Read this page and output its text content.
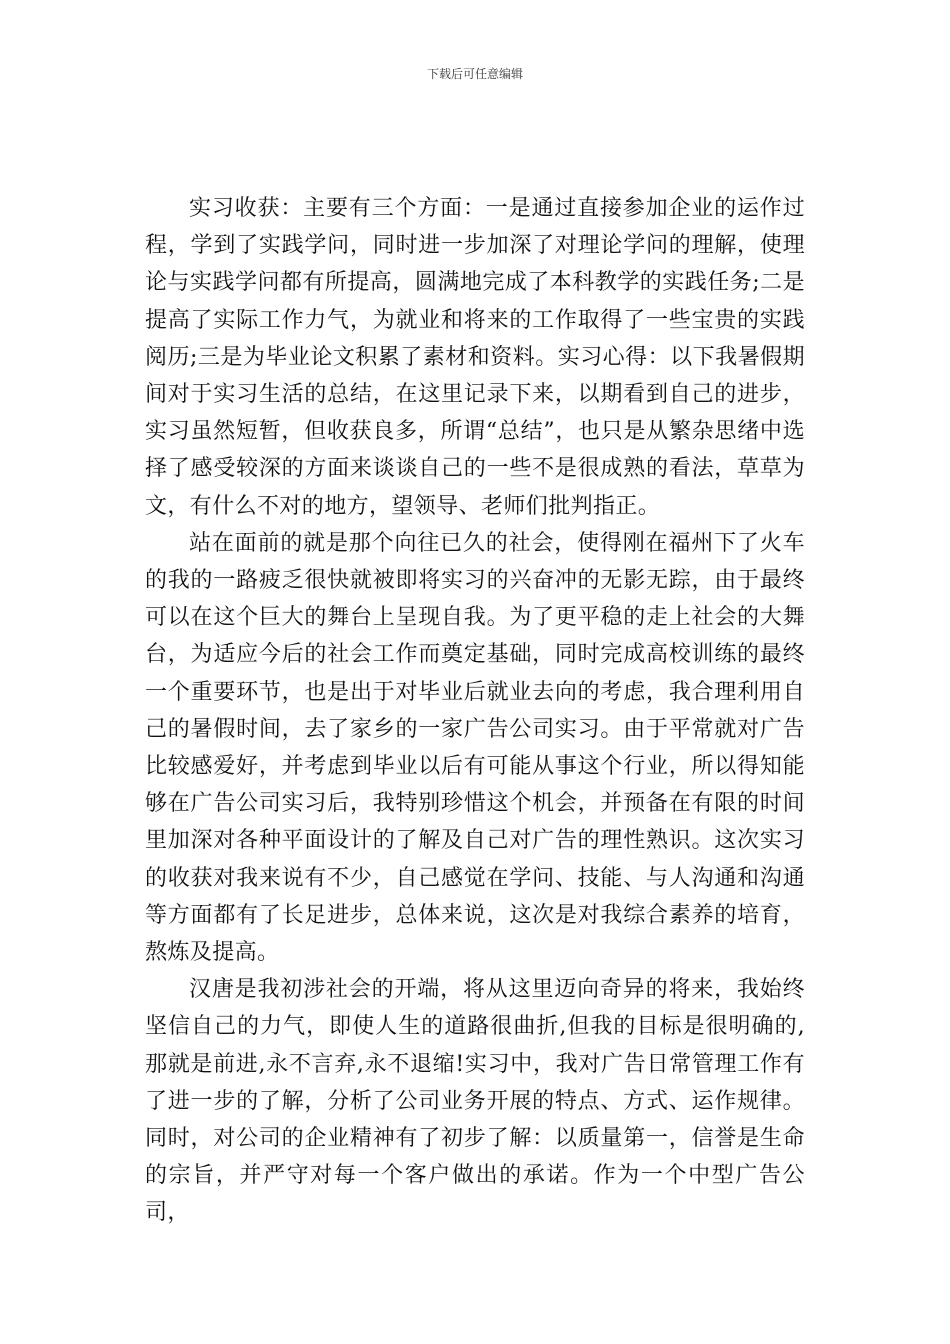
下载后可任意编辑

实习收获：主要有三个方面：一是通过直接参加企业的运作过程，学到了实践学问，同时进一步加深了对理论学问的理解，使理论与实践学问都有所提高，圆满地完成了本科教学的实践任务;二是提高了实际工作力气，为就业和将来的工作取得了一些宝贵的实践阅历;三是为毕业论文积累了素材和资料。实习心得：以下我暑假期间对于实习生活的总结，在这里记录下来，以期看到自己的进步，实习虽然短暂，但收获良多，所谓“总结”，也只是从繁杂思绪中选择了感受较深的方面来谈谈自己的一些不是很成熟的看法，草草为文，有什么不对的地方，望领导、老师们批判指正。

站在面前的就是那个向往已久的社会，使得刚在福州下了火车的我的一路疲乏很快就被即将实习的兴奋冲的无影无踪，由于最终可以在这个巨大的舞台上呈现自我。为了更平稳的走上社会的大舞台，为适应今后的社会工作而奠定基础，同时完成高校训练的最终一个重要环节，也是出于对毕业后就业去向的考虑，我合理利用自己的暑假时间，去了家乡的一家广告公司实习。由于平常就对广告比较感爱好，并考虑到毕业以后有可能从事这个行业，所以得知能够在广告公司实习后，我特别珍惜这个机会，并预备在有限的时间里加深对各种平面设计的了解及自己对广告的理性熟识。这次实习的收获对我来说有不少，自己感觉在学问、技能、与人沟通和沟通等方面都有了长足进步，总体来说，这次是对我综合素养的培育，熬炼及提高。

汉唐是我初涉社会的开端，将从这里迈向奇异的将来，我始终坚信自己的力气，即使人生的道路很曲折,但我的目标是很明确的,那就是前进,永不言弃,永不退缩!实习中，我对广告日常管理工作有了进一步的了解，分析了公司业务开展的特点、方式、运作规律。同时，对公司的企业精神有了初步了解：以质量第一，信誉是生命的宗旨，并严守对每一个客户做出的承诺。作为一个中型广告公司，
